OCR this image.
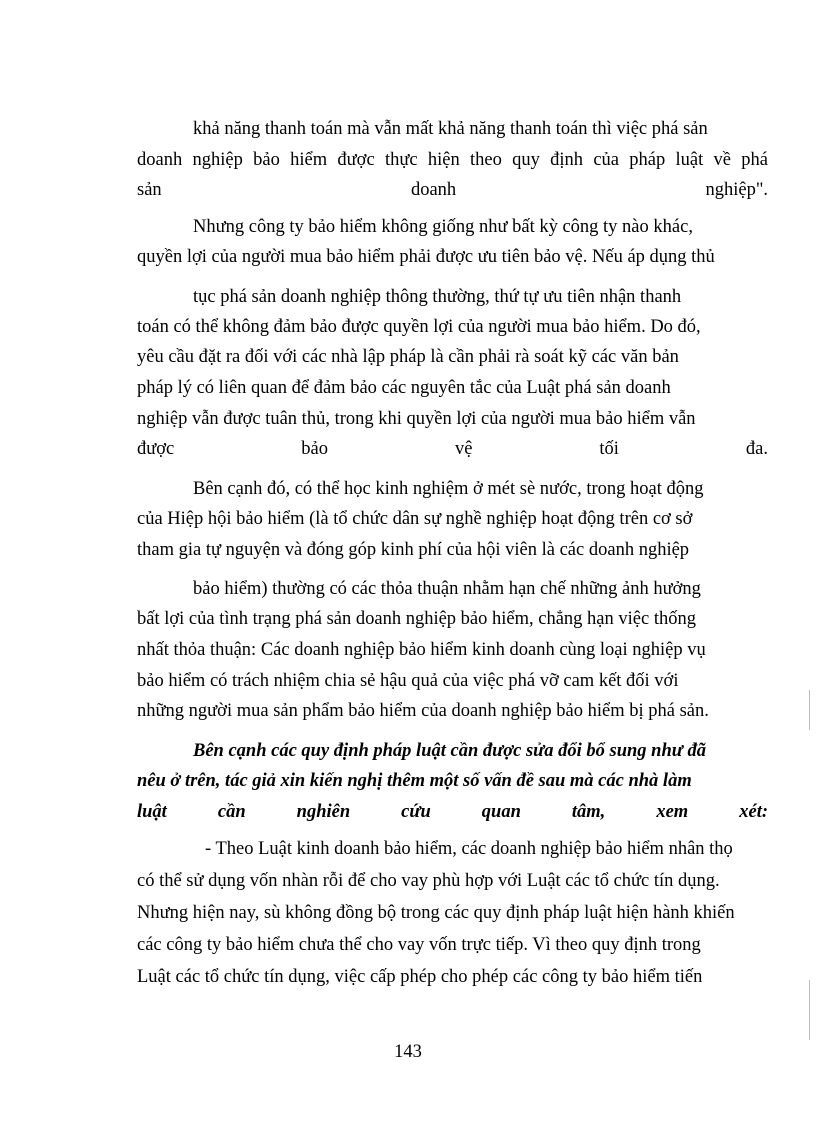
khả năng thanh toán mà vẫn mất khả năng thanh toán thì việc phá sản
doanh nghiệp bảo hiểm được thực hiện theo quy định của pháp luật về phá
sản doanh nghiệp".
Nhưng công ty bảo hiểm không giống như bất kỳ công ty nào khác,
quyền lợi của người mua bảo hiểm phải được ưu tiên bảo vệ. Nếu áp dụng thủ
tục phá sản doanh nghiệp thông thường, thứ tự ưu tiên nhận thanh
toán có thể không đảm bảo được quyền lợi của người mua bảo hiểm. Do đó,
yêu cầu đặt ra đối với các nhà lập pháp là cần phải rà soát kỹ các văn bản
pháp lý có liên quan để đảm bảo các nguyên tắc của Luật phá sản doanh
nghiệp vẫn được tuân thủ, trong khi quyền lợi của người mua bảo hiểm vẫn
được bảo vệ tối đa.
Bên cạnh đó, có thể học kinh nghiệm ở mét sè nước, trong hoạt động
của Hiệp hội bảo hiểm (là tổ chức dân sự nghề nghiệp hoạt động trên cơ sở
tham gia tự nguyện và đóng góp kinh phí của hội viên là các doanh nghiệp
bảo hiểm) thường có các thỏa thuận nhằm hạn chế những ảnh hưởng
bất lợi của tình trạng phá sản doanh nghiệp bảo hiểm, chẳng hạn việc thống
nhất thỏa thuận: Các doanh nghiệp bảo hiểm kinh doanh cùng loại nghiệp vụ
bảo hiểm có trách nhiệm chia sẻ hậu quả của việc phá vỡ cam kết đối với
những người mua sản phẩm bảo hiểm của doanh nghiệp bảo hiểm bị phá sản.
Bên cạnh các quy định pháp luật cần được sửa đổi bổ sung như đã
nêu ở trên, tác giả xin kiến nghị thêm một số vấn đề sau mà các nhà làm
luật cần nghiên cứu quan tâm, xem xét:
- Theo Luật kinh doanh bảo hiểm, các doanh nghiệp bảo hiểm nhân thọ
có thể sử dụng vốn nhàn rỗi để cho vay phù hợp với Luật các tổ chức tín dụng.
Nhưng hiện nay, sù không đồng bộ trong các quy định pháp luật hiện hành khiến
các công ty bảo hiểm chưa thể cho vay vốn trực tiếp. Vì theo quy định trong
Luật các tổ chức tín dụng, việc cấp phép cho phép các công ty bảo hiểm tiến
143
